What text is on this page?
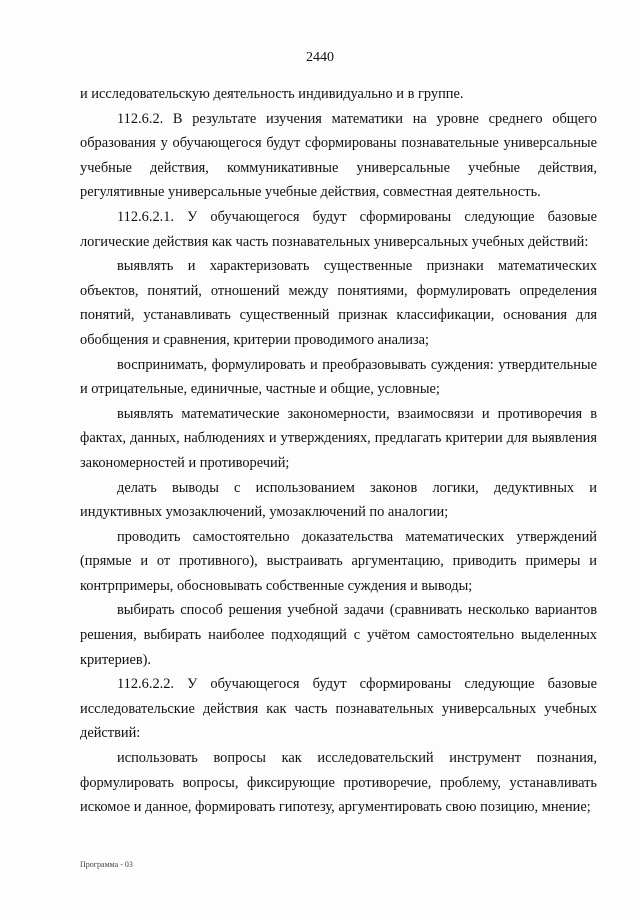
2440

и исследовательскую деятельность индивидуально и в группе.

112.6.2. В результате изучения математики на уровне среднего общего образования у обучающегося будут сформированы познавательные универсальные учебные действия, коммуникативные универсальные учебные действия, регулятивные универсальные учебные действия, совместная деятельность.

112.6.2.1. У обучающегося будут сформированы следующие базовые логические действия как часть познавательных универсальных учебных действий:

выявлять и характеризовать существенные признаки математических объектов, понятий, отношений между понятиями, формулировать определения понятий, устанавливать существенный признак классификации, основания для обобщения и сравнения, критерии проводимого анализа;

воспринимать, формулировать и преобразовывать суждения: утвердительные и отрицательные, единичные, частные и общие, условные;

выявлять математические закономерности, взаимосвязи и противоречия в фактах, данных, наблюдениях и утверждениях, предлагать критерии для выявления закономерностей и противоречий;

делать выводы с использованием законов логики, дедуктивных и индуктивных умозаключений, умозаключений по аналогии;

проводить самостоятельно доказательства математических утверждений (прямые и от противного), выстраивать аргументацию, приводить примеры и контрпримеры, обосновывать собственные суждения и выводы;

выбирать способ решения учебной задачи (сравнивать несколько вариантов решения, выбирать наиболее подходящий с учётом самостоятельно выделенных критериев).

112.6.2.2. У обучающегося будут сформированы следующие базовые исследовательские действия как часть познавательных универсальных учебных действий:

использовать вопросы как исследовательский инструмент познания, формулировать вопросы, фиксирующие противоречие, проблему, устанавливать искомое и данное, формировать гипотезу, аргументировать свою позицию, мнение;

Программа - 03
